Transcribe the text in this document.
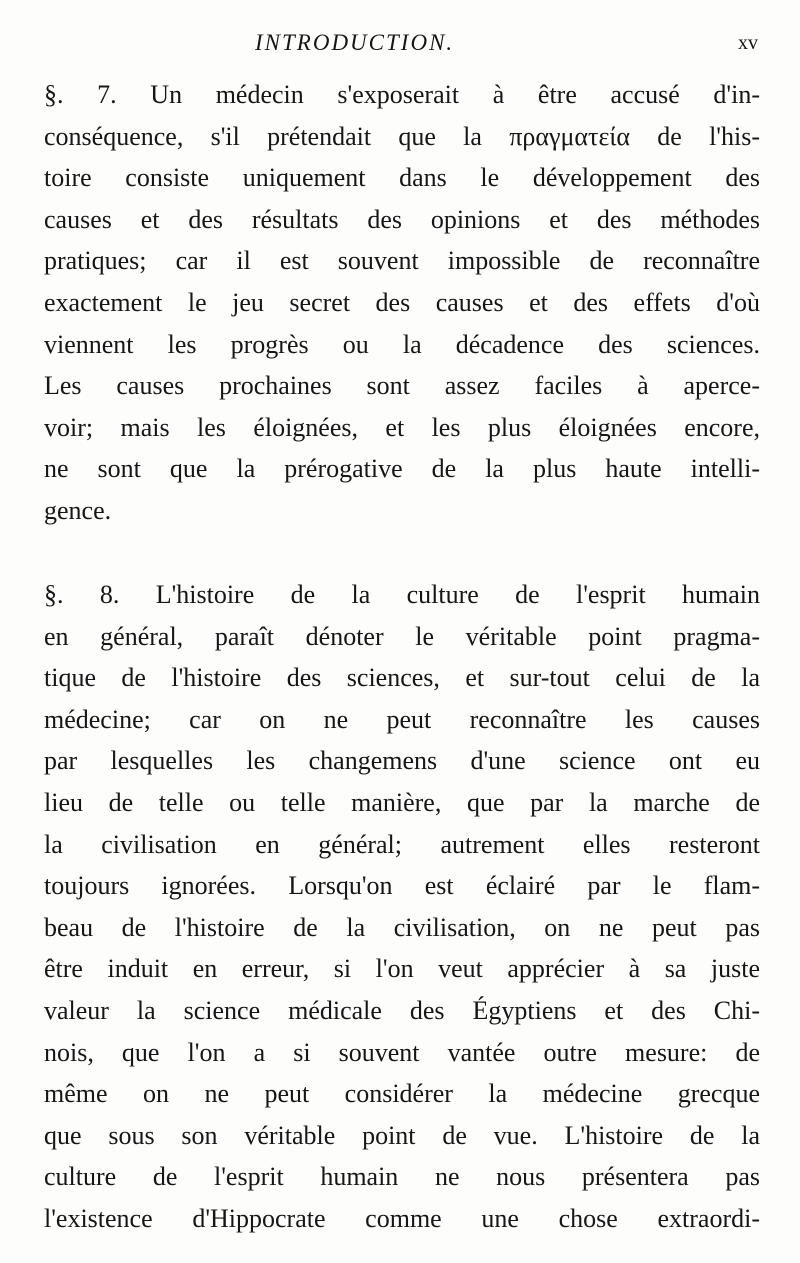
INTRODUCTION.	xv

§. 7. Un médecin s'exposerait à être accusé d'in-
conséquence, s'il prétendait que la πραγματεία de l'his-
toire consiste uniquement dans le développement des
causes et des résultats des opinions et des méthodes
pratiques; car il est souvent impossible de reconnaître
exactement le jeu secret des causes et des effets d'où
viennent les progrès ou la décadence des sciences.
Les causes prochaines sont assez faciles à aperce-
voir; mais les éloignées, et les plus éloignées encore,
ne sont que la prérogative de la plus haute intelli-
gence.

§. 8. L'histoire de la culture de l'esprit humain
en général, paraît dénoter le véritable point pragma-
tique de l'histoire des sciences, et sur-tout celui de la
médecine; car on ne peut reconnaître les causes
par lesquelles les changemens d'une science ont eu
lieu de telle ou telle manière, que par la marche de
la civilisation en général; autrement elles resteront
toujours ignorées. Lorsqu'on est éclairé par le flam-
beau de l'histoire de la civilisation, on ne peut pas
être induit en erreur, si l'on veut apprécier à sa juste
valeur la science médicale des Égyptiens et des Chi-
nois, que l'on a si souvent vantée outre mesure: de
même on ne peut considérer la médecine grecque
que sous son véritable point de vue. L'histoire de la
culture de l'esprit humain ne nous présentera pas
l'existence d'Hippocrate comme une chose extraordi-
